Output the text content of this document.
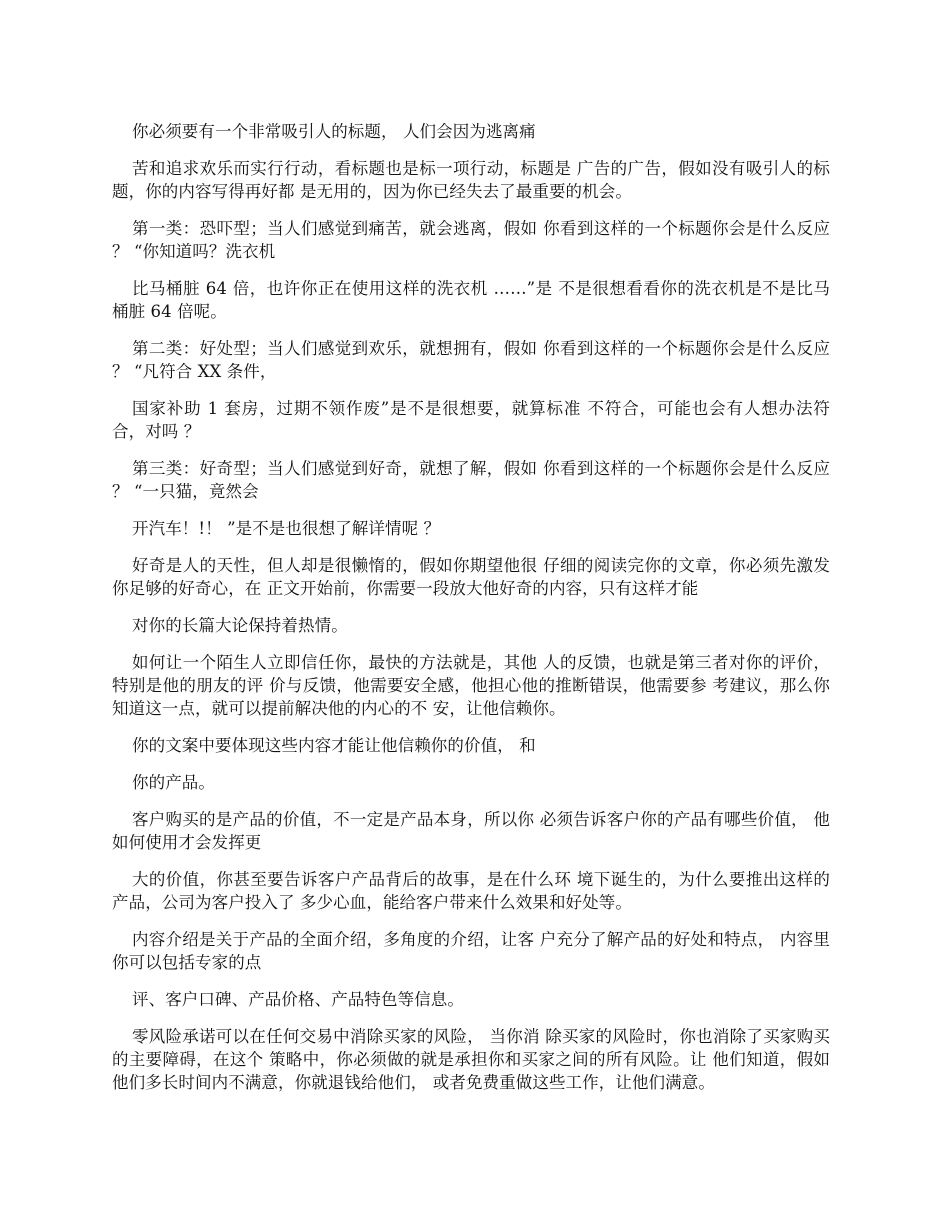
你必须要有一个非常吸引人的标题， 人们会因为逃离痛

苦和追求欢乐而实行行动，看标题也是标一项行动，标题是 广告的广告，假如没有吸引人的标题，你的内容写得再好都 是无用的，因为你已经失去了最重要的机会。

第一类：恐吓型；当人们感觉到痛苦，就会逃离，假如 你看到这样的一个标题你会是什么反应 ？ “你知道吗？洗衣机

比马桶脏 64 倍，也许你正在使用这样的洗衣机 ……”是 不是很想看看你的洗衣机是不是比马桶脏 64 倍呢。

第二类：好处型；当人们感觉到欢乐，就想拥有，假如 你看到这样的一个标题你会是什么反应 ？ “凡符合 XX 条件，

国家补助 1 套房，过期不领作废”是不是很想要，就算标准 不符合，可能也会有人想办法符合，对吗 ？

第三类：好奇型；当人们感觉到好奇，就想了解，假如 你看到这样的一个标题你会是什么反应 ？ “一只猫，竟然会

开汽车！!！ ”是不是也很想了解详情呢 ？

好奇是人的天性，但人却是很懒惰的，假如你期望他很 仔细的阅读完你的文章，你必须先激发你足够的好奇心，在 正文开始前，你需要一段放大他好奇的内容，只有这样才能

对你的长篇大论保持着热情。

如何让一个陌生人立即信任你，最快的方法就是，其他 人的反馈，也就是第三者对你的评价，特别是他的朋友的评 价与反馈，他需要安全感，他担心他的推断错误，他需要参 考建议，那么你知道这一点，就可以提前解决他的内心的不 安，让他信赖你。

你的文案中要体现这些内容才能让他信赖你的价值， 和

你的产品。

客户购买的是产品的价值，不一定是产品本身，所以你 必须告诉客户你的产品有哪些价值， 他如何使用才会发挥更

大的价值，你甚至要告诉客户产品背后的故事，是在什么环 境下诞生的，为什么要推出这样的产品，公司为客户投入了 多少心血，能给客户带来什么效果和好处等。

内容介绍是关于产品的全面介绍，多角度的介绍，让客 户充分了解产品的好处和特点， 内容里你可以包括专家的点

评、客户口碑、产品价格、产品特色等信息。

零风险承诺可以在任何交易中消除买家的风险， 当你消 除买家的风险时，你也消除了买家购买的主要障碍，在这个 策略中，你必须做的就是承担你和买家之间的所有风险。让 他们知道，假如他们多长时间内不满意，你就退钱给他们， 或者免费重做这些工作，让他们满意。
